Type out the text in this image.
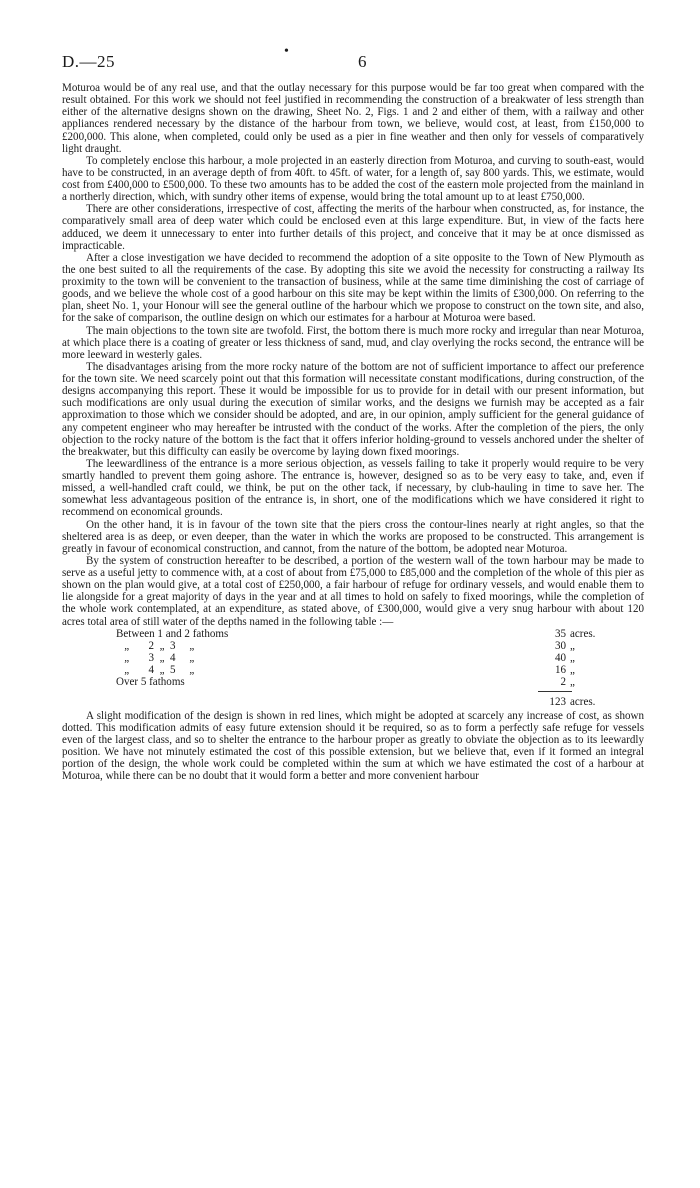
D.—25
•
6

Moturoa would be of any real use, and that the outlay necessary for this purpose would be far too great when compared with the result obtained. For this work we should not feel justified in recommending the construction of a breakwater of less strength than either of the alternative designs shown on the drawing, Sheet No. 2, Figs. 1 and 2 and either of them, with a railway and other appliances rendered necessary by the distance of the harbour from town, we believe, would cost, at least, from £150,000 to £200,000. This alone, when completed, could only be used as a pier in fine weather and then only for vessels of comparatively light draught.

To completely enclose this harbour, a mole projected in an easterly direction from Moturoa, and curving to south-east, would have to be constructed, in an average depth of from 40ft. to 45ft. of water, for a length of, say 800 yards. This, we estimate, would cost from £400,000 to £500,000. To these two amounts has to be added the cost of the eastern mole projected from the mainland in a northerly direction, which, with sundry other items of expense, would bring the total amount up to at least £750,000.

There are other considerations, irrespective of cost, affecting the merits of the harbour when constructed, as, for instance, the comparatively small area of deep water which could be enclosed even at this large expenditure. But, in view of the facts here adduced, we deem it unnecessary to enter into further details of this project, and conceive that it may be at once dismissed as impracticable.

After a close investigation we have decided to recommend the adoption of a site opposite to the Town of New Plymouth as the one best suited to all the requirements of the case. By adopting this site we avoid the necessity for constructing a railway Its proximity to the town will be convenient to the transaction of business, while at the same time diminishing the cost of carriage of goods, and we believe the whole cost of a good harbour on this site may be kept within the limits of £300,000. On referring to the plan, sheet No. 1, your Honour will see the general outline of the harbour which we propose to construct on the town site, and also, for the sake of comparison, the outline design on which our estimates for a harbour at Moturoa were based.

The main objections to the town site are twofold. First, the bottom there is much more rocky and irregular than near Moturoa, at which place there is a coating of greater or less thickness of sand, mud, and clay overlying the rocks second, the entrance will be more leeward in westerly gales.

The disadvantages arising from the more rocky nature of the bottom are not of sufficient importance to affect our preference for the town site. We need scarcely point out that this formation will necessitate constant modifications, during construction, of the designs accompanying this report. These it would be impossible for us to provide for in detail with our present information, but such modifications are only usual during the execution of similar works, and the designs we furnish may be accepted as a fair approximation to those which we consider should be adopted, and are, in our opinion, amply sufficient for the general guidance of any competent engineer who may hereafter be intrusted with the conduct of the works. After the completion of the piers, the only objection to the rocky nature of the bottom is the fact that it offers inferior holding-ground to vessels anchored under the shelter of the breakwater, but this difficulty can easily be overcome by laying down fixed moorings.

The leewardliness of the entrance is a more serious objection, as vessels failing to take it properly would require to be very smartly handled to prevent them going ashore. The entrance is, however, designed so as to be very easy to take, and, even if missed, a well-handled craft could, we think, be put on the other tack, if necessary, by club-hauling in time to save her. The somewhat less advantageous position of the entrance is, in short, one of the modifications which we have considered it right to recommend on economical grounds.

On the other hand, it is in favour of the town site that the piers cross the contour-lines nearly at right angles, so that the sheltered area is as deep, or even deeper, than the water in which the works are proposed to be constructed. This arrangement is greatly in favour of economical construction, and cannot, from the nature of the bottom, be adopted near Moturoa.

By the system of construction hereafter to be described, a portion of the western wall of the town harbour may be made to serve as a useful jetty to commence with, at a cost of about from £75,000 to £85,000 and the completion of the whole of this pier as shown on the plan would give, at a total cost of £250,000, a fair harbour of refuge for ordinary vessels, and would enable them to lie alongside for a great majority of days in the year and at all times to hold on safely to fixed moorings, while the completion of the whole work contemplated, at an expenditure, as stated above, of £300,000, would give a very snug harbour with about 120 acres total area of still water of the depths named in the following table :—

Between 1 and 2 fathoms	35 acres.
„       2  „  3     „	30 „
„       3  „  4     „	40 „
„       4  „  5     „	16 „
Over 5 fathoms	2 „
123 acres.

A slight modification of the design is shown in red lines, which might be adopted at scarcely any increase of cost, as shown dotted. This modification admits of easy future extension should it be required, so as to form a perfectly safe refuge for vessels even of the largest class, and so to shelter the entrance to the harbour proper as greatly to obviate the objection as to its leewardly position. We have not minutely estimated the cost of this possible extension, but we believe that, even if it formed an integral portion of the design, the whole work could be completed within the sum at which we have estimated the cost of a harbour at Moturoa, while there can be no doubt that it would form a better and more convenient harbour
